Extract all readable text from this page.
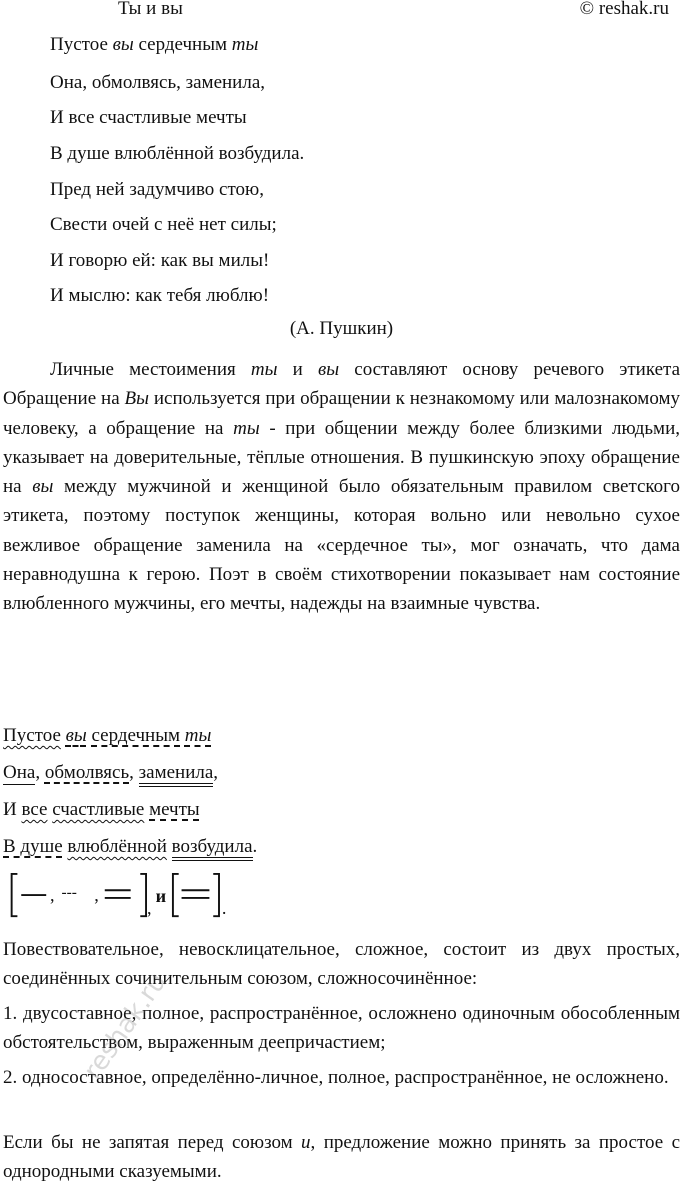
Ты и вы	© reshak.ru
Пустое вы сердечным ты
Она, обмолвясь, заменила,
И все счастливые мечты
В душе влюблённой возбудила.
Пред ней задумчиво стою,
Свести очей с неё нет силы;
И говорю ей: как вы милы!
И мыслю: как тебя люблю!
(А. Пушкин)

Личные местоимения ты и вы составляют основу речевого этикета Обращение на Вы используется при обращении к незнакомому или малознакомому человеку, а обращение на ты - при общении между более близкими людьми, указывает на доверительные, тёплые отношения. В пушкинскую эпоху обращение на вы между мужчиной и женщиной было обязательным правилом светского этикета, поэтому поступок женщины, которая вольно или невольно сухое вежливое обращение заменила на «сердечное ты», мог означать, что дама неравнодушна к герою. Поэт в своём стихотворении показывает нам состояние влюбленного мужчины, его мечты, надежды на взаимные чувства.

Пустое вы сердечным ты
Она, обмолвясь, заменила,
И все счастливые мечты
В душе влюблённой возбудила.
, --- ,
,
и
.
Повествовательное, невосклицательное, сложное, состоит из двух простых, соединённых сочинительным союзом, сложносочинённое:
1. двусоставное, полное, распространённое, осложнено одиночным обособленным обстоятельством, выраженным деепричастием;
2. односоставное, определённо-личное, полное, распространённое, не осложнено.
Если бы не запятая перед союзом и, предложение можно принять за простое с однородными сказуемыми.
reshak.ru
